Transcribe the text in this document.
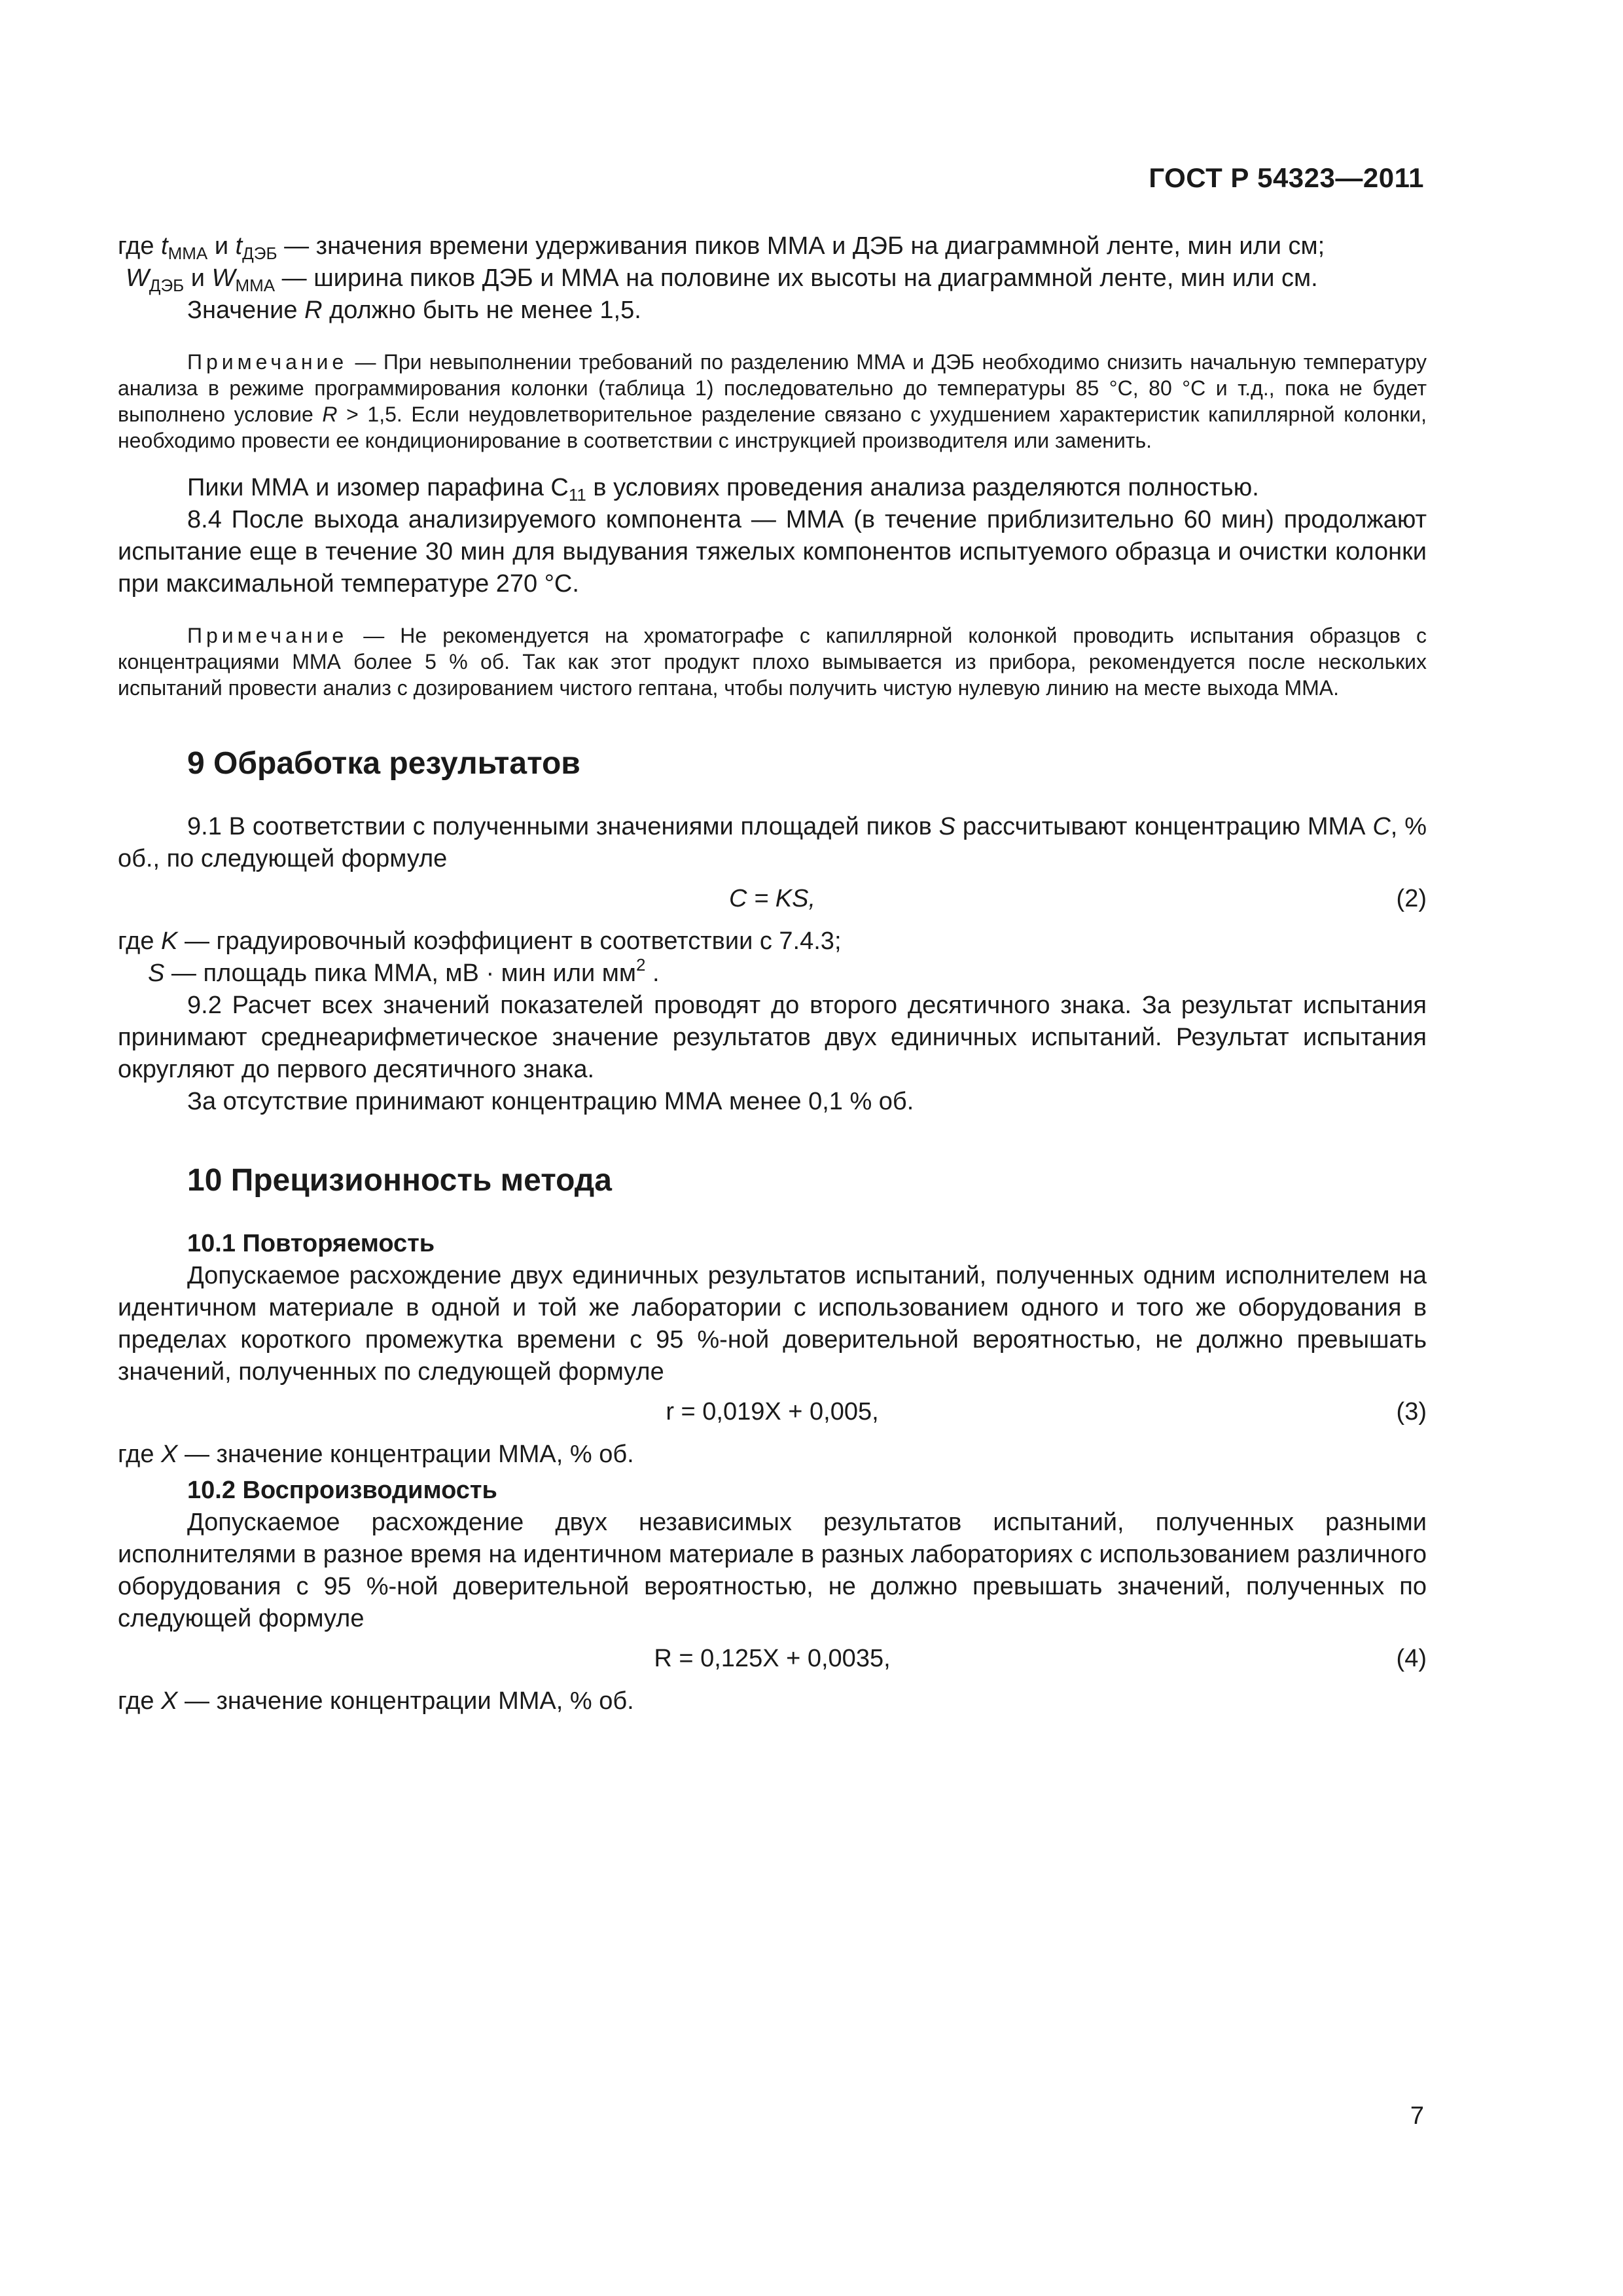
ГОСТ Р 54323—2011

где $t_{ММА}$ и $t_{ДЭБ}$ — значения времени удерживания пиков ММА и ДЭБ на диаграммной ленте, мин или см;

$W_{ДЭБ}$ и $W_{ММА}$ — ширина пиков ДЭБ и ММА на половине их высоты на диаграммной ленте, мин или см.

Значение R должно быть не менее 1,5.

Примечание — При невыполнении требований по разделению ММА и ДЭБ необходимо снизить начальную температуру анализа в режиме программирования колонки (таблица 1) последовательно до температуры 85 °С, 80 °С и т.д., пока не будет выполнено условие R > 1,5. Если неудовлетворительное разделение связано с ухудшением характеристик капиллярной колонки, необходимо провести ее кондиционирование в соответствии с инструкцией производителя или заменить.

Пики ММА и изомер парафина $С_{11}$ в условиях проведения анализа разделяются полностью.

8.4 После выхода анализируемого компонента — ММА (в течение приблизительно 60 мин) продолжают испытание еще в течение 30 мин для выдувания тяжелых компонентов испытуемого образца и очистки колонки при максимальной температуре 270 °С.

Примечание — Не рекомендуется на хроматографе с капиллярной колонкой проводить испытания образцов с концентрациями ММА более 5 % об. Так как этот продукт плохо вымывается из прибора, рекомендуется после нескольких испытаний провести анализ с дозированием чистого гептана, чтобы получить чистую нулевую линию на месте выхода ММА.

9 Обработка результатов

9.1 В соответствии с полученными значениями площадей пиков S рассчитывают концентрацию ММА С, % об., по следующей формуле

С = KS,	(2)

где K — градуировочный коэффициент в соответствии с 7.4.3;

S — площадь пика ММА, мВ · мин или $мм^2$ .

9.2 Расчет всех значений показателей проводят до второго десятичного знака. За результат испытания принимают среднеарифметическое значение результатов двух единичных испытаний. Результат испытания округляют до первого десятичного знака.

За отсутствие принимают концентрацию ММА менее 0,1 % об.

10 Прецизионность метода
10.1 Повторяемость

Допускаемое расхождение двух единичных результатов испытаний, полученных одним исполнителем на идентичном материале в одной и той же лаборатории с использованием одного и того же оборудования в пределах короткого промежутка времени с 95 %-ной доверительной вероятностью, не должно превышать значений, полученных по следующей формуле

r = 0,019X + 0,005,	(3)

где X — значение концентрации ММА, % об.

10.2 Воспроизводимость

Допускаемое расхождение двух независимых результатов испытаний, полученных разными исполнителями в разное время на идентичном материале в разных лабораториях с использованием различного оборудования с 95 %-ной доверительной вероятностью, не должно превышать значений, полученных по следующей формуле

R = 0,125X + 0,0035,	(4)

где X — значение концентрации ММА, % об.

7
